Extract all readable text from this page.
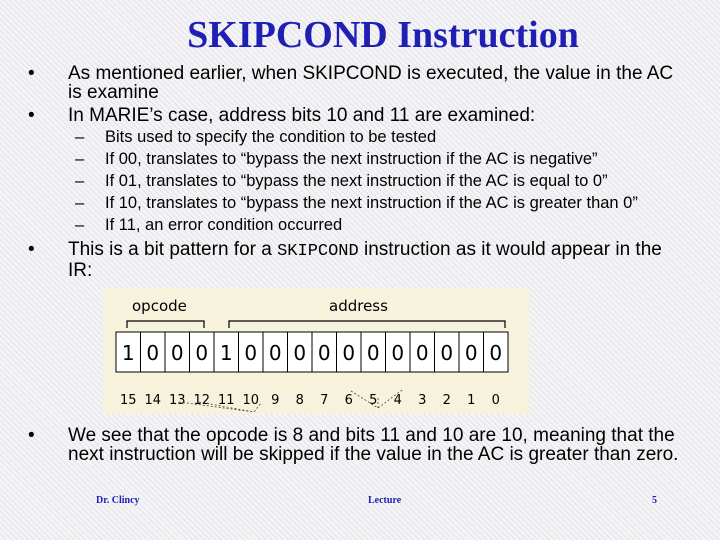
SKIPCOND Instruction
• As mentioned earlier, when SKIPCOND is executed, the value in the AC is examine
• In MARIE’s case, address bits 10 and 11 are examined:
– Bits used to specify the condition to be tested
– If 00, translates to “bypass the next instruction if the AC is negative”
– If 01, translates to “bypass the next instruction if the AC is equal to 0”
– If 10, translates to “bypass the next instruction if the AC is greater than 0”
– If 11, an error condition occurred
• This is a bit pattern for a SKIPCOND instruction as it would appear in the IR:
opcode	address
1 0 0 0 1 0 0 0 0 0 0 0 0 0 0 0
15 14 13 12 11 10 9 8 7 6 5 4 3 2 1 0
• We see that the opcode is 8 and bits 11 and 10 are 10, meaning that the next instruction will be skipped if the value in the AC is greater than zero.
Dr. Clincy	Lecture	5
